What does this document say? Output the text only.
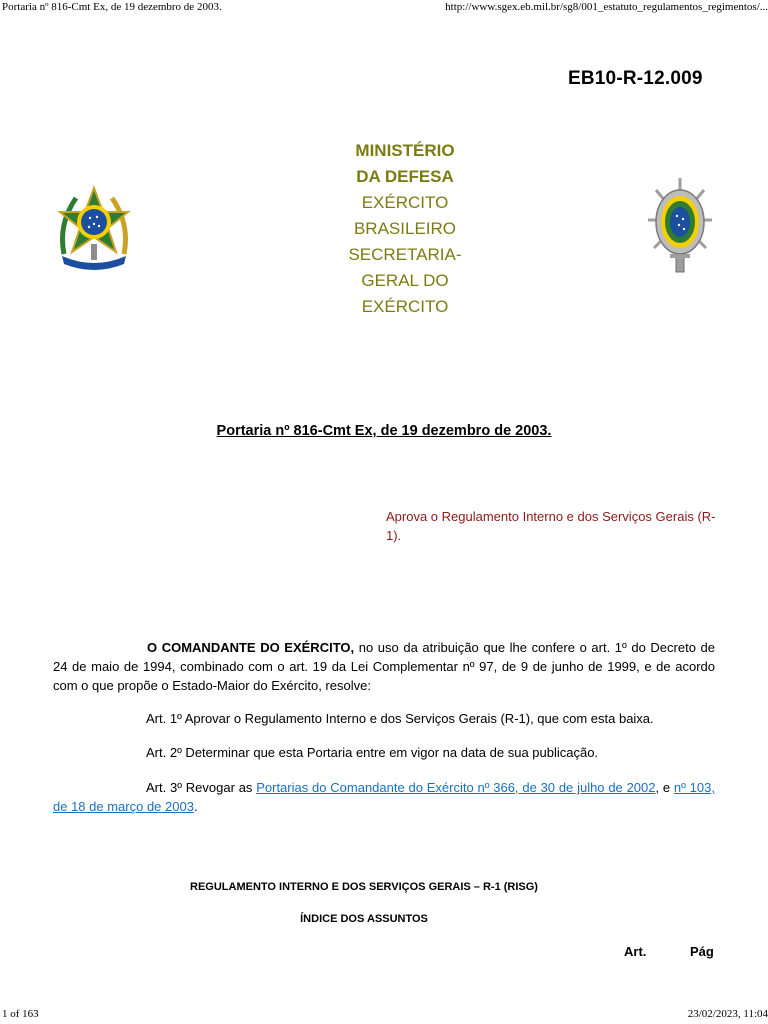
Portaria nº 816-Cmt Ex, de 19 dezembro de 2003.	http://www.sgex.eb.mil.br/sg8/001_estatuto_regulamentos_regimentos/...
EB10-R-12.009
MINISTÉRIO
DA DEFESA
EXÉRCITO
BRASILEIRO
SECRETARIA-
GERAL DO
EXÉRCITO
Portaria nº 816-Cmt Ex, de 19 dezembro de 2003.
Aprova o Regulamento Interno e dos Serviços Gerais (R-1).
O COMANDANTE DO EXÉRCITO, no uso da atribuição que lhe confere o art. 1º do Decreto de 24 de maio de 1994, combinado com o art. 19 da Lei Complementar nº 97, de 9 de junho de 1999, e de acordo com o que propõe o Estado-Maior do Exército, resolve:
Art. 1º Aprovar o Regulamento Interno e dos Serviços Gerais (R-1), que com esta baixa.
Art. 2º Determinar que esta Portaria entre em vigor na data de sua publicação.
Art. 3º Revogar as Portarias do Comandante do Exército nº 366, de 30 de julho de 2002, e nº 103, de 18 de março de 2003.
REGULAMENTO INTERNO E DOS SERVIÇOS GERAIS – R-1 (RISG)
ÍNDICE DOS ASSUNTOS
Art.	Pág
1 of 163	23/02/2023, 11:04
